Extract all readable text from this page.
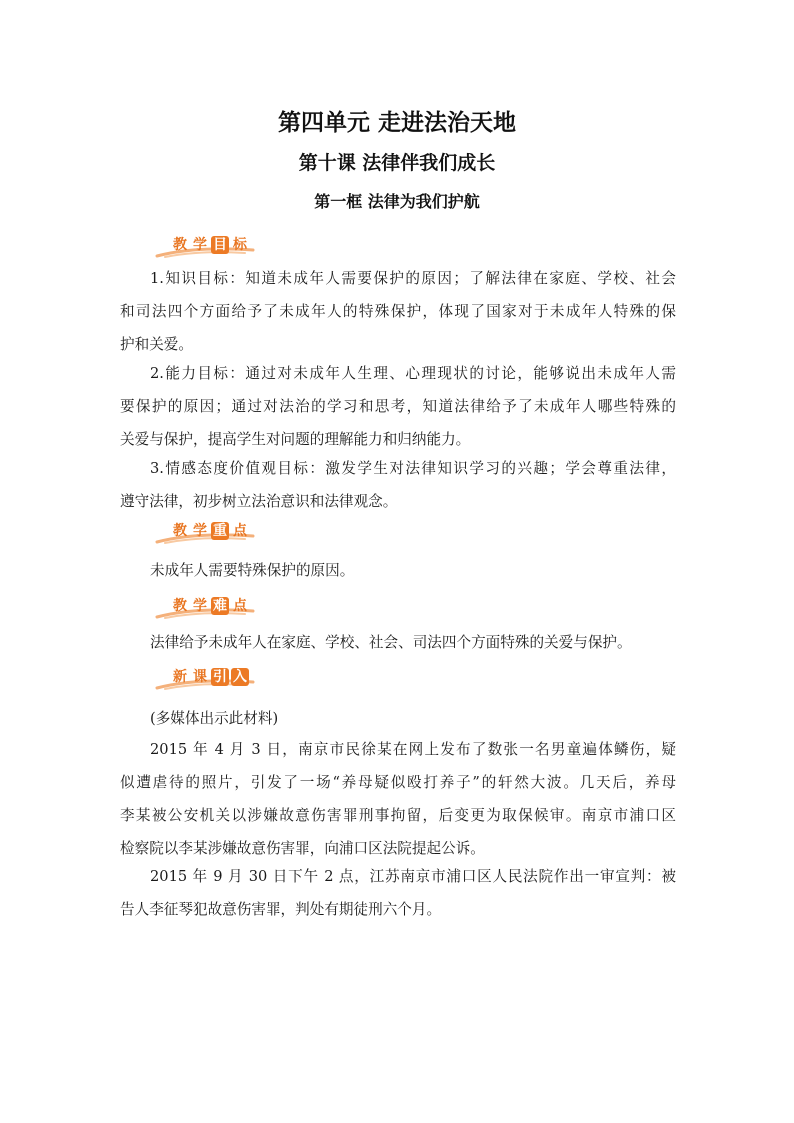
第四单元 走进法治天地
第十课 法律伴我们成长
第一框 法律为我们护航
教 学 目 标
1.知识目标：知道未成年人需要保护的原因；了解法律在家庭、学校、社会
和司法四个方面给予了未成年人的特殊保护，体现了国家对于未成年人特殊的保
护和关爱。
2.能力目标：通过对未成年人生理、心理现状的讨论，能够说出未成年人需
要保护的原因；通过对法治的学习和思考，知道法律给予了未成年人哪些特殊的
关爱与保护，提高学生对问题的理解能力和归纳能力。
3.情感态度价值观目标：激发学生对法律知识学习的兴趣；学会尊重法律，
遵守法律，初步树立法治意识和法律观念。
教 学 重 点
未成年人需要特殊保护的原因。
教 学 难 点
法律给予未成年人在家庭、学校、社会、司法四个方面特殊的关爱与保护。
新 课 引 入
(多媒体出示此材料)
2015 年 4 月 3 日，南京市民徐某在网上发布了数张一名男童遍体鳞伤，疑
似遭虐待的照片，引发了一场“养母疑似殴打养子”的轩然大波。几天后，养母
李某被公安机关以涉嫌故意伤害罪刑事拘留，后变更为取保候审。南京市浦口区
检察院以李某涉嫌故意伤害罪，向浦口区法院提起公诉。
2015 年 9 月 30 日下午 2 点，江苏南京市浦口区人民法院作出一审宣判：被
告人李征琴犯故意伤害罪，判处有期徒刑六个月。
